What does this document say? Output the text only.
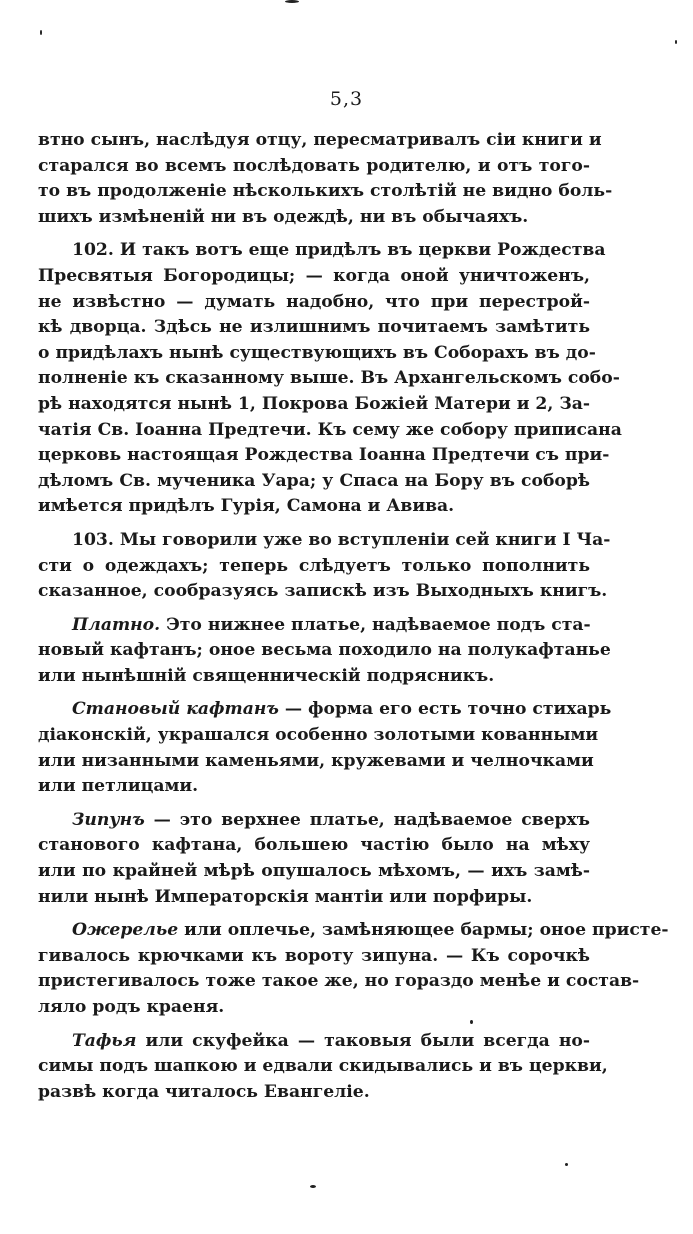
5,3
втно сынъ, наслѣдуя отцу, пересматривалъ сіи книги и
старался во всемъ послѣдовать родителю, и отъ того-
то въ продолженіе нѣсколькихъ столѣтій не видно боль-
шихъ измѣненій ни въ одеждѣ, ни въ обычаяхъ.
102. И такъ вотъ еще придѣлъ въ церкви Рождества
Пресвятыя Богородицы; — когда оной уничтоженъ,
не извѣстно — думать надобно, что при перестрой-
кѣ дворца. Здѣсь не излишнимъ почитаемъ замѣтить
о придѣлахъ нынѣ существующихъ въ Соборахъ въ до-
полненіе къ сказанному выше. Въ Архангельскомъ собо-
рѣ находятся нынѣ 1, Покрова Божіей Матери и 2, За-
чатія Св. Іоанна Предтечи. Къ сему же собору приписана
церковь настоящая Рождества Іоанна Предтечи съ при-
дѣломъ Св. мученика Уара; у Спаса на Бору въ соборѣ
имѣется придѣлъ Гурія, Самона и Авива.
103. Мы говорили уже во вступленіи сей книги I Ча-
сти о одеждахъ; теперь слѣдуетъ только пополнить
сказанное, сообразуясь запискѣ изъ Выходныхъ книгъ.
Платно. Это нижнее платье, надѣваемое подъ ста-
новый кафтанъ; оное весьма походило на полукафтанье
или нынѣшній священническій подрясникъ.
Становый кафтанъ — форма его есть точно стихарь
діаконскій, украшался особенно золотыми кованными
или низанными каменьями, кружевами и челночками
или петлицами.
Зипунъ — это верхнее платье, надѣваемое сверхъ
станового кафтана, большею частію было на мѣху
или по крайней мѣрѣ опушалось мѣхомъ, — ихъ замѣ-
нили нынѣ Императорскія мантіи или порфиры.
Ожерелье или оплечье, замѣняющее бармы; оное присте-
гивалось крючками къ вороту зипуна. — Къ сорочкѣ
пристегивалось тоже такое же, но гораздо менѣе и состав-
ляло родъ краеня.
Тафья или скуфейка — таковыя были всегда но-
симы подъ шапкою и едвали скидывались и въ церкви,
развѣ когда читалось Евангеліе.
